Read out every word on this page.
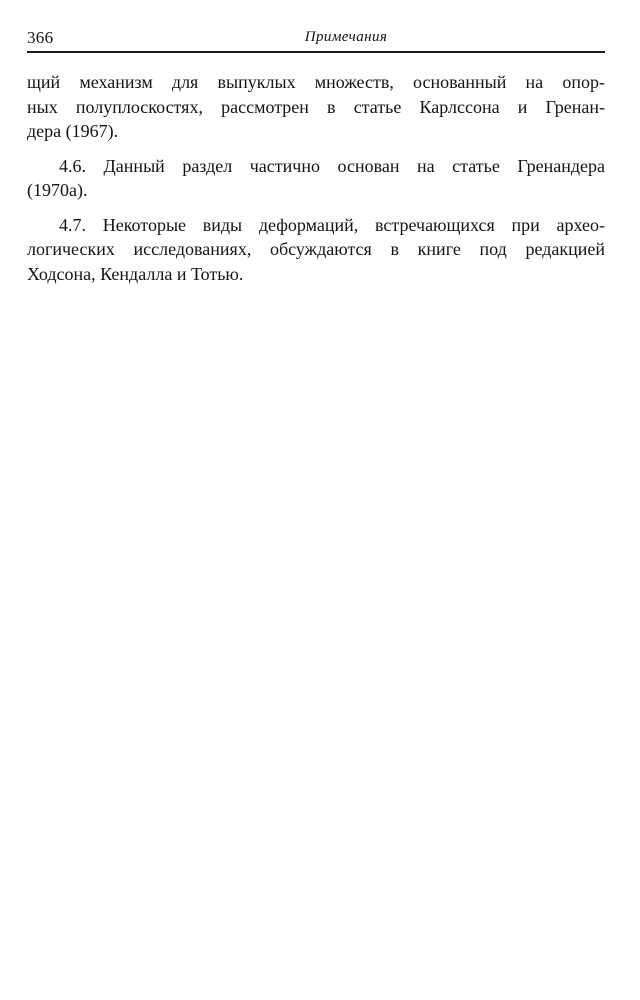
366	Примечания

щий механизм для выпуклых множеств, основанный на опор-
ных полуплоскостях, рассмотрен в статье Карлссона и Гренан-
дера (1967).

4.6. Данный раздел частично основан на статье Гренандера
(1970а).

4.7. Некоторые виды деформаций, встречающихся при археo-
логических исследованиях, обсуждаются в книге под редакцией
Ходсона, Кендалла и Тотью.
